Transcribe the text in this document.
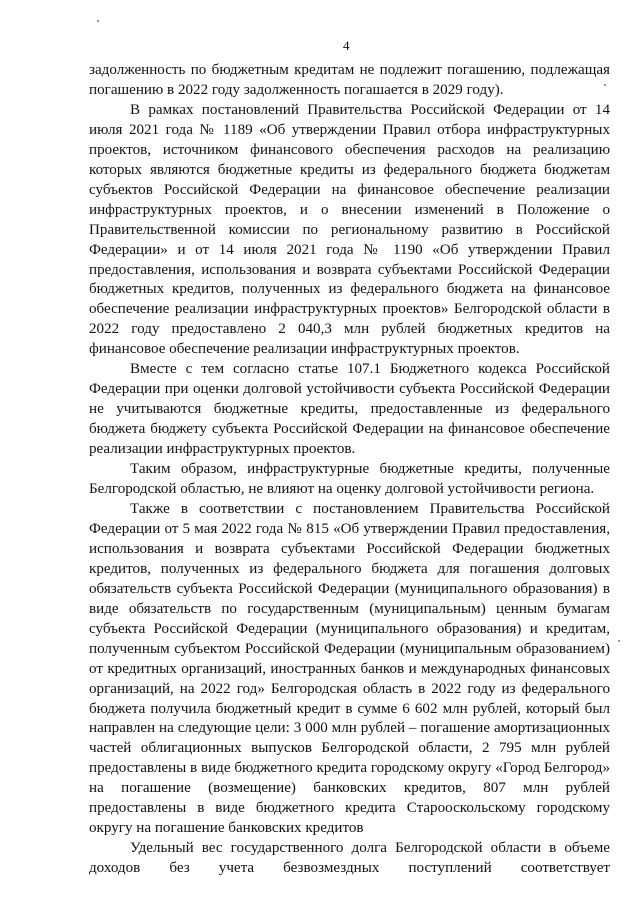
4

задолженность по бюджетным кредитам не подлежит погашению, подлежащая погашению в 2022 году задолженность погашается в 2029 году).

В рамках постановлений Правительства Российской Федерации от 14 июля 2021 года № 1189 «Об утверждении Правил отбора инфраструктурных проектов, источником финансового обеспечения расходов на реализацию которых являются бюджетные кредиты из федерального бюджета бюджетам субъектов Российской Федерации на финансовое обеспечение реализации инфраструктурных проектов, и о внесении изменений в Положение о Правительственной комиссии по региональному развитию в Российской Федерации» и от 14 июля 2021 года № 1190 «Об утверждении Правил предоставления, использования и возврата субъектами Российской Федерации бюджетных кредитов, полученных из федерального бюджета на финансовое обеспечение реализации инфраструктурных проектов» Белгородской области в 2022 году предоставлено 2 040,3 млн рублей бюджетных кредитов на финансовое обеспечение реализации инфраструктурных проектов.

Вместе с тем согласно статье 107.1 Бюджетного кодекса Российской Федерации при оценки долговой устойчивости субъекта Российской Федерации не учитываются бюджетные кредиты, предоставленные из федерального бюджета бюджету субъекта Российской Федерации на финансовое обеспечение реализации инфраструктурных проектов.

Таким образом, инфраструктурные бюджетные кредиты, полученные Белгородской областью, не влияют на оценку долговой устойчивости региона.

Также в соответствии с постановлением Правительства Российской Федерации от 5 мая 2022 года № 815 «Об утверждении Правил предоставления, использования и возврата субъектами Российской Федерации бюджетных кредитов, полученных из федерального бюджета для погашения долговых обязательств субъекта Российской Федерации (муниципального образования) в виде обязательств по государственным (муниципальным) ценным бумагам субъекта Российской Федерации (муниципального образования) и кредитам, полученным субъектом Российской Федерации (муниципальным образованием) от кредитных организаций, иностранных банков и международных финансовых организаций, на 2022 год» Белгородская область в 2022 году из федерального бюджета получила бюджетный кредит в сумме 6 602 млн рублей, который был направлен на следующие цели: 3 000 млн рублей – погашение амортизационных частей облигационных выпусков Белгородской области, 2 795 млн рублей предоставлены в виде бюджетного кредита городскому округу «Город Белгород» на погашение (возмещение) банковских кредитов, 807 млн рублей предоставлены в виде бюджетного кредита Старооскольскому городскому округу на погашение банковских кредитов

Удельный вес государственного долга Белгородской области в объеме доходов без учета безвозмездных поступлений соответствует
